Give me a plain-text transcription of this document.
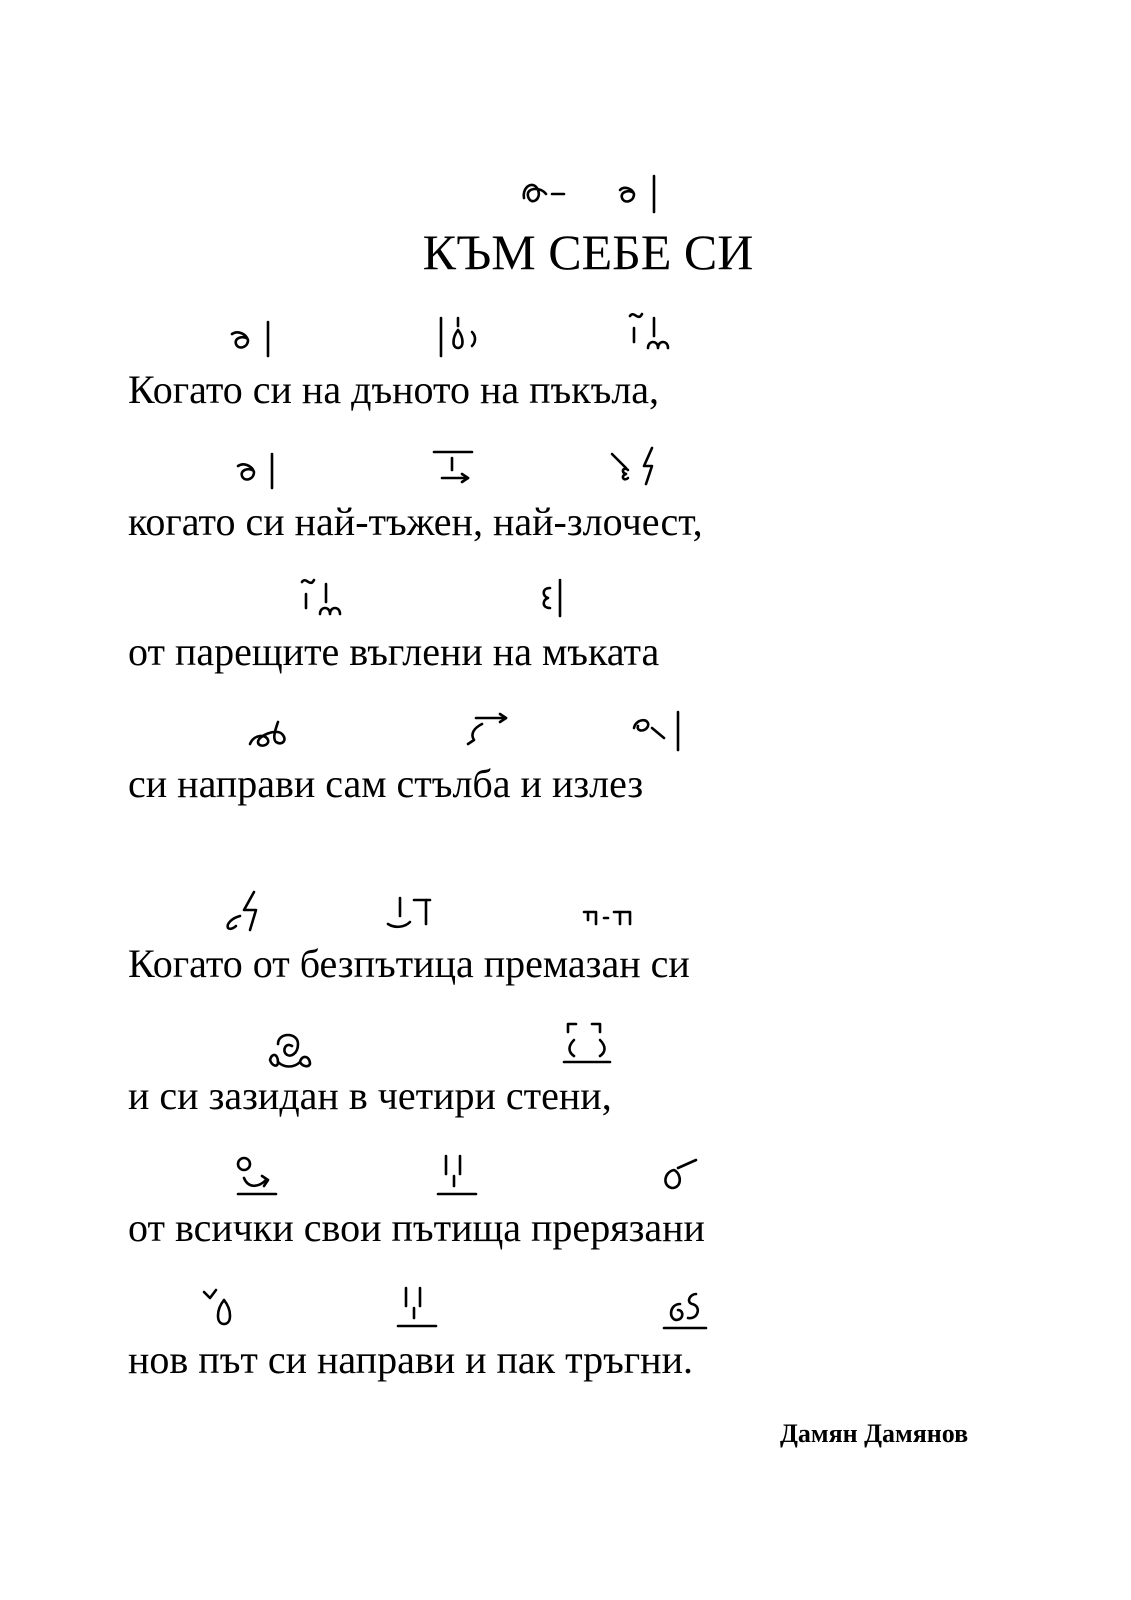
КЪМ СЕБЕ СИ
Когато си на дъното на пъкъла,
когато си най-тъжен, най-злочест,
от парещите въглени на мъката
си направи сам стълба и излез
Когато от безпътица премазан си
и си зазидан в четири стени,
от всички свои пътища прерязани
нов път си направи и пак тръгни.
Дамян Дамянов
